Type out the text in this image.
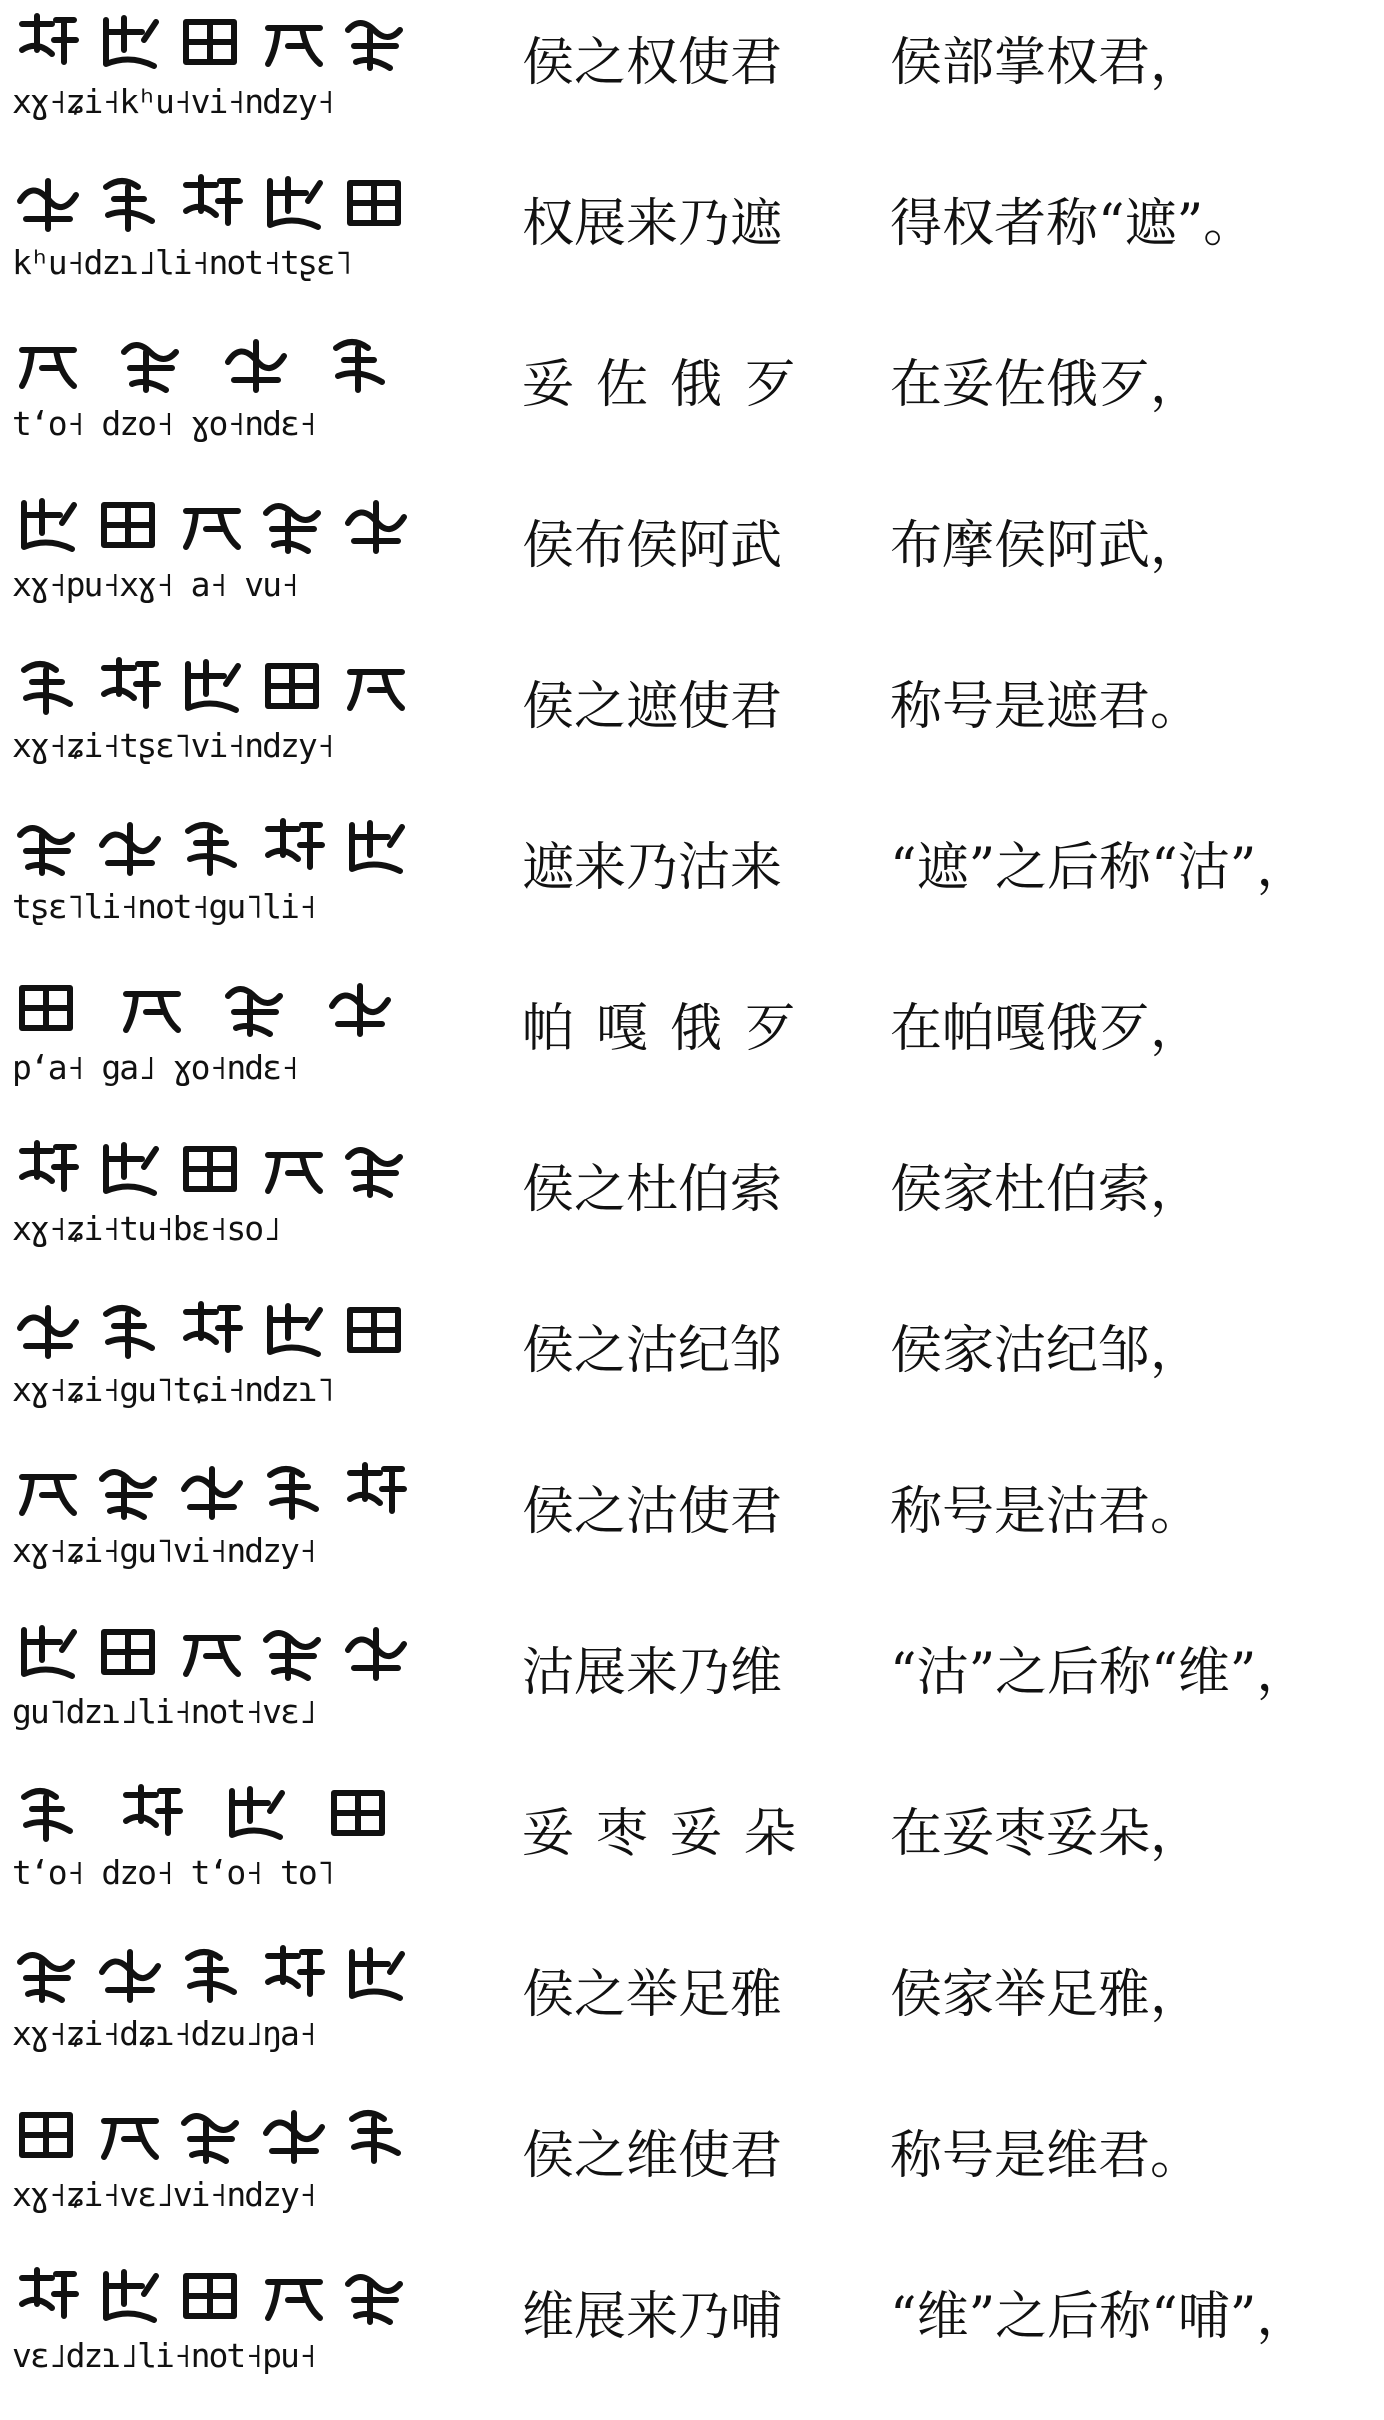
xɣ˧ʑi˧kʰu˧vi˧ndzy˧
侯之权使君	侯部掌权君，
kʰu˧dzɿ˩li˧not˧tʂɛ˥
权展来乃遮	得权者称“遮”。
tʻo˧ dzo˧ ɣo˧ndɛ˧
妥佐俄歹	在妥佐俄歹，
xɣ˧pu˧xɣ˧ a˧ vu˧
侯布侯阿武	布摩侯阿武，
xɣ˧ʑi˧tʂɛ˥vi˧ndzy˧
侯之遮使君	称号是遮君。
tʂɛ˥li˧not˧gu˥li˧
遮来乃沽来	“遮”之后称“沽”，
pʻa˧ ga˩ ɣo˧ndɛ˧
帕嘎俄歹	在帕嘎俄歹，
xɣ˧ʑi˧tu˧bɛ˧so˩
侯之杜伯索	侯家杜伯索，
xɣ˧ʑi˧gu˥tɕi˧ndzɿ˥
侯之沽纪邹	侯家沽纪邹，
xɣ˧ʑi˧gu˥vi˧ndzy˧
侯之沽使君	称号是沽君。
gu˥dzɿ˩li˧not˧vɛ˩
沽展来乃维	“沽”之后称“维”，
tʻo˧ dzo˧ tʻo˧ to˥
妥枣妥朵	在妥枣妥朵，
xɣ˧ʑi˧dʑɿ˧dzu˩ŋa˧
侯之举足雅	侯家举足雅，
xɣ˧ʑi˧vɛ˩vi˧ndzy˧
侯之维使君	称号是维君。
vɛ˩dzɿ˩li˧not˧pu˧
维展来乃哺	“维”之后称“哺”，
